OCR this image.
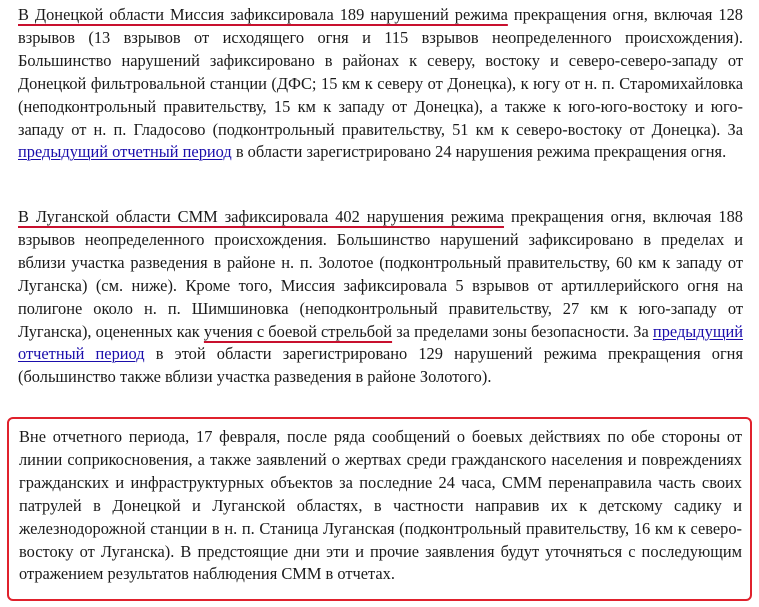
В Донецкой области Миссия зафиксировала 189 нарушений режима прекращения огня, включая 128 взрывов (13 взрывов от исходящего огня и 115 взрывов неопределенного происхождения). Большинство нарушений зафиксировано в районах к северу, востоку и северо-северо-западу от Донецкой фильтровальной станции (ДФС; 15 км к северу от Донецка), к югу от н. п. Старомихайловка (неподконтрольный правительству, 15 км к западу от Донецка), а также к юго-юго-востоку и юго-западу от н. п. Гладосово (подконтрольный правительству, 51 км к северо-востоку от Донецка). За предыдущий отчетный период в области зарегистрировано 24 нарушения режима прекращения огня.

В Луганской области СММ зафиксировала 402 нарушения режима прекращения огня, включая 188 взрывов неопределенного происхождения. Большинство нарушений зафиксировано в пределах и вблизи участка разведения в районе н. п. Золотое (подконтрольный правительству, 60 км к западу от Луганска) (см. ниже). Кроме того, Миссия зафиксировала 5 взрывов от артиллерийского огня на полигоне около н. п. Шимшиновка (неподконтрольный правительству, 27 км к юго-западу от Луганска), оцененных как учения с боевой стрельбой за пределами зоны безопасности. За предыдущий отчетный период в этой области зарегистрировано 129 нарушений режима прекращения огня (большинство также вблизи участка разведения в районе Золотого).

Вне отчетного периода, 17 февраля, после ряда сообщений о боевых действиях по обе стороны от линии соприкосновения, а также заявлений о жертвах среди гражданского населения и повреждениях гражданских и инфраструктурных объектов за последние 24 часа, СММ перенаправила часть своих патрулей в Донецкой и Луганской областях, в частности направив их к детскому садику и железнодорожной станции в н. п. Станица Луганская (подконтрольный правительству, 16 км к северо-востоку от Луганска). В предстоящие дни эти и прочие заявления будут уточняться с последующим отражением результатов наблюдения СММ в отчетах.
